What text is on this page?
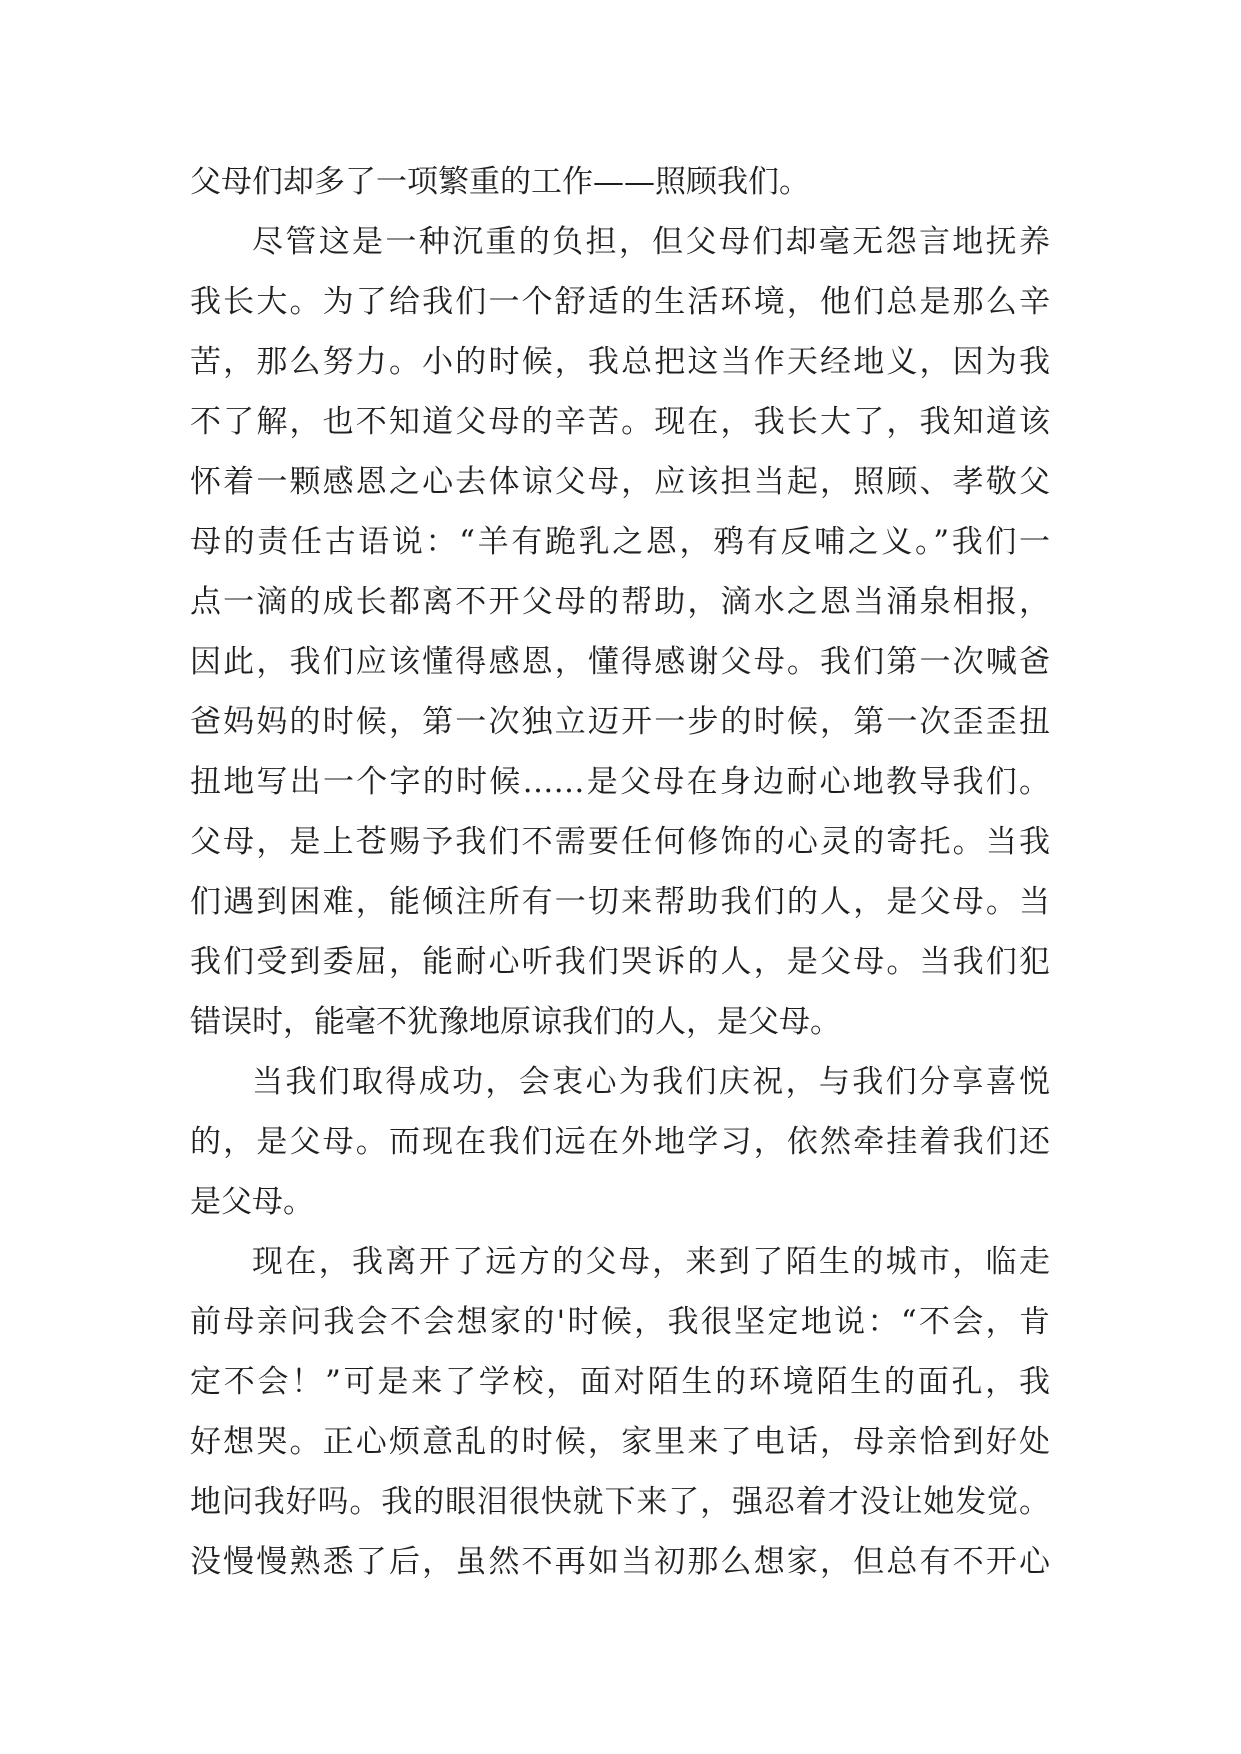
父母们却多了一项繁重的工作——照顾我们。
尽管这是一种沉重的负担，但父母们却毫无怨言地抚养
我长大。为了给我们一个舒适的生活环境，他们总是那么辛
苦，那么努力。小的时候，我总把这当作天经地义，因为我
不了解，也不知道父母的辛苦。现在，我长大了，我知道该
怀着一颗感恩之心去体谅父母，应该担当起，照顾、孝敬父
母的责任古语说：“羊有跪乳之恩，鸦有反哺之义。”我们一
点一滴的成长都离不开父母的帮助，滴水之恩当涌泉相报，
因此，我们应该懂得感恩，懂得感谢父母。我们第一次喊爸
爸妈妈的时候，第一次独立迈开一步的时候，第一次歪歪扭
扭地写出一个字的时候……是父母在身边耐心地教导我们。
父母，是上苍赐予我们不需要任何修饰的心灵的寄托。当我
们遇到困难，能倾注所有一切来帮助我们的人，是父母。当
我们受到委屈，能耐心听我们哭诉的人，是父母。当我们犯
错误时，能毫不犹豫地原谅我们的人，是父母。
当我们取得成功，会衷心为我们庆祝，与我们分享喜悦
的，是父母。而现在我们远在外地学习，依然牵挂着我们还
是父母。
现在，我离开了远方的父母，来到了陌生的城市，临走
前母亲问我会不会想家的'时候，我很坚定地说：“不会，肯
定不会！”可是来了学校，面对陌生的环境陌生的面孔，我
好想哭。正心烦意乱的时候，家里来了电话，母亲恰到好处
地问我好吗。我的眼泪很快就下来了，强忍着才没让她发觉。
没慢慢熟悉了后，虽然不再如当初那么想家，但总有不开心
